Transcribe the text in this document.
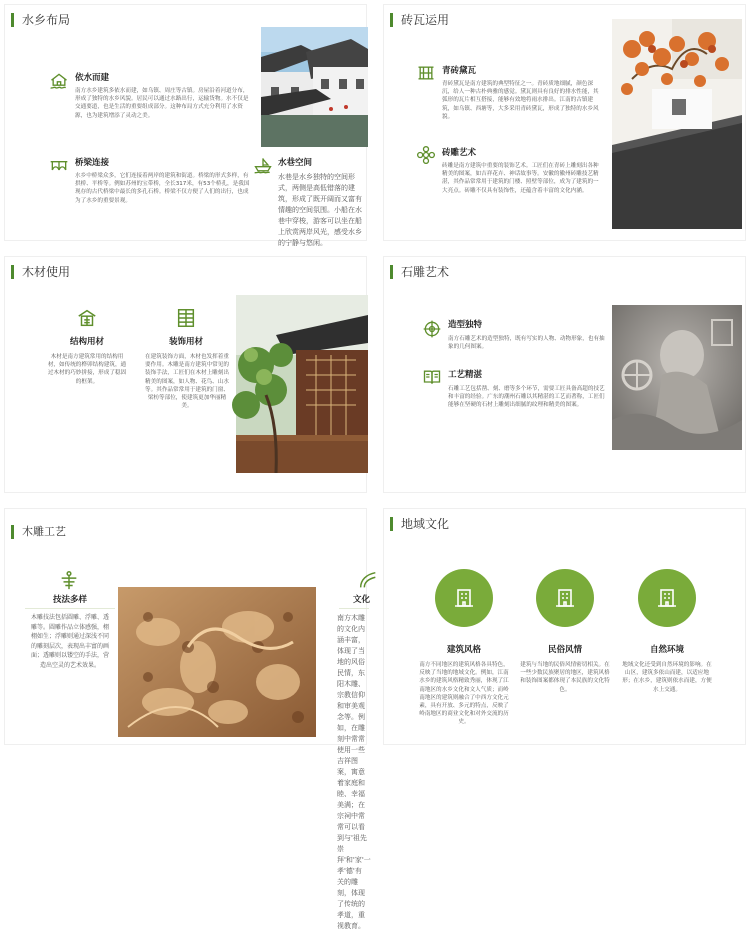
水乡布局
依水而建
南方水乡建筑多依水而建，如乌镇、周庄等古镇。房屋沿着河道分布，形成了独特的水乡风貌。居民可以通过水路出行，运输货物。水不仅是交通要道，也是生活的重要组成部分。这种布局方式充分利用了水资源，也为建筑增添了灵动之美。
桥梁连接
水乡中桥梁众多，它们连接着两岸的建筑和街道。桥梁的形式多样，有拱桥、平桥等。例如苏州的宝带桥，全长317米，有53个桥孔，是我国现存的古代桥梁中最长的多孔石桥。桥梁不仅方便了人们的出行，也成为了水乡的重要景观。
水巷空间
水巷是水乡独特的空间形式，两侧是高低错落的建筑，形成了既开阔而又富有情趣的空间氛围。小船在水巷中穿梭，游客可以坐在船上欣赏两岸风光，感受水乡的宁静与悠闲。
砖瓦运用
青砖黛瓦
青砖黛瓦是南方建筑的典型特征之一。青砖质地细腻，颜色深沉，给人一种古朴典雅的感觉。黛瓦则具有良好的排水性能，其弧形的瓦片相互搭接，能够有效地将雨水排出。江南的古镇建筑，如乌镇、西塘等，大多采用青砖黛瓦，形成了独特的水乡风貌。
砖雕艺术
砖雕是南方建筑中重要的装饰艺术。工匠们在青砖上雕刻出各种精美的图案，如吉祥花卉、神话故事等。安徽的徽州砖雕技艺精湛，其作品常常用于建筑的门楼、照壁等部位，成为了建筑的一大亮点。砖雕不仅具有装饰性，还蕴含着丰富的文化内涵。
木材使用
结构用材
木材是南方建筑常用的结构用材，如传统的榫卯结构建筑，通过木材的巧妙拼接，形成了稳固的框架。
装饰用材
在建筑装饰方面，木材也发挥着重要作用。木雕是南方建筑中常见的装饰手法，工匠们在木材上雕刻出精美的图案，如人物、花鸟、山水等。其作品常常用于建筑的门窗、梁枋等部位，使建筑更加华丽精美。
石雕艺术
造型独特
南方石雕艺术的造型独特，既有写实的人物、动物形象，也有抽象的几何图案。
工艺精湛
石雕工艺包括凿、刻、磨等多个环节，需要工匠具备高超的技艺和丰富的经验。广东的潮州石雕以其精湛的工艺而著称，工匠们能够在坚硬的石材上雕刻出细腻的纹理和精美的图案。
木雕工艺
技法多样
木雕技法包括圆雕、浮雕、透雕等。圆雕作品立体感强，栩栩如生；浮雕则通过深浅不同的雕刻层次，表现出丰富的画面；透雕则以镂空的手法，营造出空灵的艺术效果。
文化
南方木雕的文化内涵丰富，体现了当地的风俗民情，东阳木雕、宗教信仰和审美观念等。例如，在雕刻中常常使用一些吉祥图案，寓意着家庭和睦、幸福美满；在宗祠中常常可以看到与'祖先崇拜'和'家'一孝'德'有关的雕刻，体现了传统的孝道，重视教育。
地域文化
建筑风格
南方不同地区的建筑风格各具特色，反映了当地的地域文化。例如，江南水乡的建筑风格精致秀丽，体现了江南地区的水乡文化和文人气质；而岭南地区的建筑则融合了中西方文化元素，具有开放、多元的特点，反映了岭南地区的商业文化和对外交流的历史。
民俗风情
建筑与当地的民俗风情密切相关。在一些少数民族聚居的地区，建筑风格和装饰图案都体现了本民族的文化特色。
自然环境
地域文化还受到自然环境的影响。在山区，建筑多依山而建，以适应地形；在水乡，建筑则依水而建，方便水上交通。
